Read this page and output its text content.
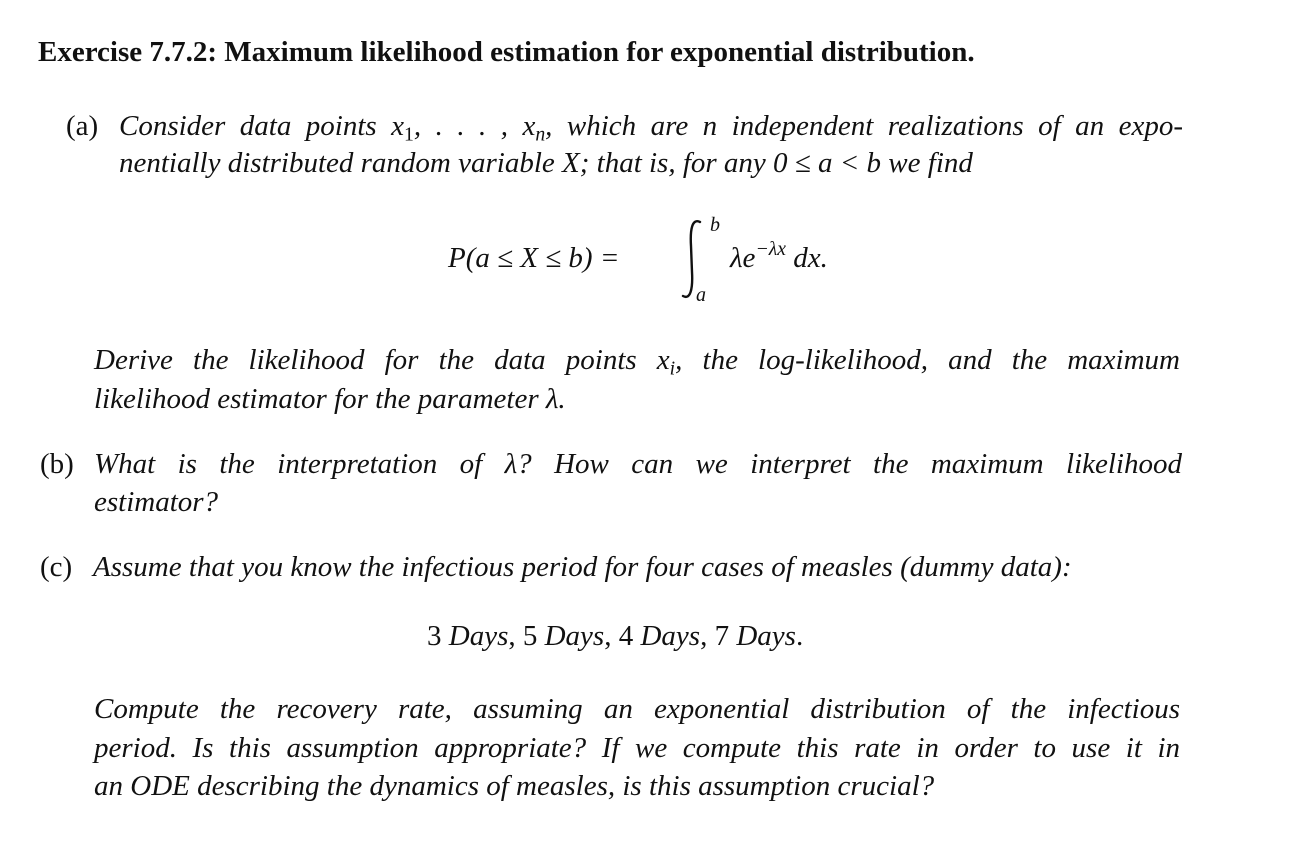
Exercise 7.7.2: Maximum likelihood estimation for exponential distribution.
(a) Consider data points $x_1$, . . . , $x_n$, which are n independent realizations of an expo-
nentially distributed random variable X; that is, for any 0 ≤ a < b we find
P(a ≤ X ≤ b) =
b
a
$\lambda e^{-\lambda x}$ dx.
Derive the likelihood for the data points $x_i$, the log-likelihood, and the maximum
likelihood estimator for the parameter λ.
(b) What is the interpretation of λ? How can we interpret the maximum likelihood
estimator?
(c) Assume that you know the infectious period for four cases of measles (dummy data):
3 Days, 5 Days, 4 Days, 7 Days.
Compute the recovery rate, assuming an exponential distribution of the infectious
period. Is this assumption appropriate? If we compute this rate in order to use it in
an ODE describing the dynamics of measles, is this assumption crucial?
